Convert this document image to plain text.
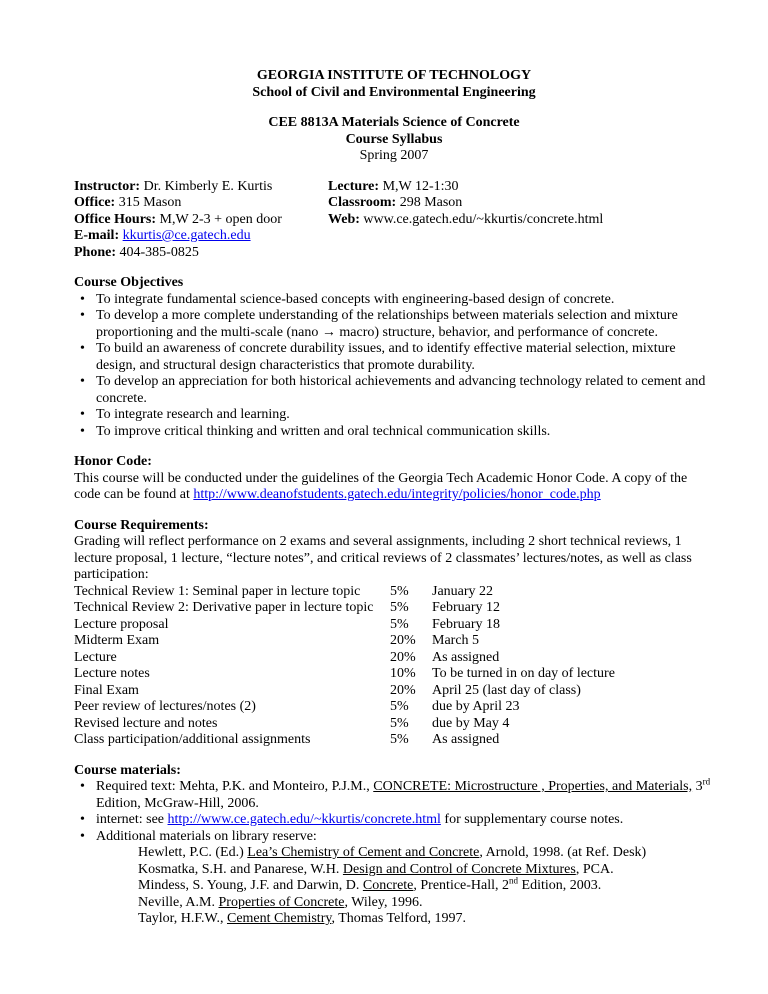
GEORGIA INSTITUTE OF TECHNOLOGY
School of Civil and Environmental Engineering
CEE 8813A Materials Science of Concrete
Course Syllabus
Spring 2007
Instructor: Dr. Kimberly E. Kurtis
Office: 315 Mason
Office Hours: M,W 2-3 + open door
E-mail: kkurtis@ce.gatech.edu
Phone: 404-385-0825
Lecture: M,W 12-1:30
Classroom: 298 Mason
Web: www.ce.gatech.edu/~kkurtis/concrete.html
Course Objectives
• To integrate fundamental science-based concepts with engineering-based design of concrete.
• To develop a more complete understanding of the relationships between materials selection and mixture proportioning and the multi-scale (nano → macro) structure, behavior, and performance of concrete.
• To build an awareness of concrete durability issues, and to identify effective material selection, mixture design, and structural design characteristics that promote durability.
• To develop an appreciation for both historical achievements and advancing technology related to cement and concrete.
• To integrate research and learning.
• To improve critical thinking and written and oral technical communication skills.
Honor Code:
This course will be conducted under the guidelines of the Georgia Tech Academic Honor Code. A copy of the code can be found at http://www.deanofstudents.gatech.edu/integrity/policies/honor_code.php
Course Requirements:
Grading will reflect performance on 2 exams and several assignments, including 2 short technical reviews, 1 lecture proposal, 1 lecture, “lecture notes”, and critical reviews of 2 classmates’ lectures/notes, as well as class participation:
Technical Review 1: Seminal paper in lecture topic	5%	January 22
Technical Review 2: Derivative paper in lecture topic	5%	February 12
Lecture proposal	5%	February 18
Midterm Exam	20%	March 5
Lecture	20%	As assigned
Lecture notes	10%	To be turned in on day of lecture
Final Exam	20%	April 25 (last day of class)
Peer review of lectures/notes (2)	5%	due by April 23
Revised lecture and notes	5%	due by May 4
Class participation/additional assignments	5%	As assigned
Course materials:
• Required text: Mehta, P.K. and Monteiro, P.J.M., CONCRETE: Microstructure , Properties, and Materials, 3rd Edition, McGraw-Hill, 2006.
• internet: see http://www.ce.gatech.edu/~kkurtis/concrete.html for supplementary course notes.
• Additional materials on library reserve:
Hewlett, P.C. (Ed.) Lea’s Chemistry of Cement and Concrete, Arnold, 1998. (at Ref. Desk)
Kosmatka, S.H. and Panarese, W.H. Design and Control of Concrete Mixtures, PCA.
Mindess, S. Young, J.F. and Darwin, D. Concrete, Prentice-Hall, 2nd Edition, 2003.
Neville, A.M. Properties of Concrete, Wiley, 1996.
Taylor, H.F.W., Cement Chemistry, Thomas Telford, 1997.
